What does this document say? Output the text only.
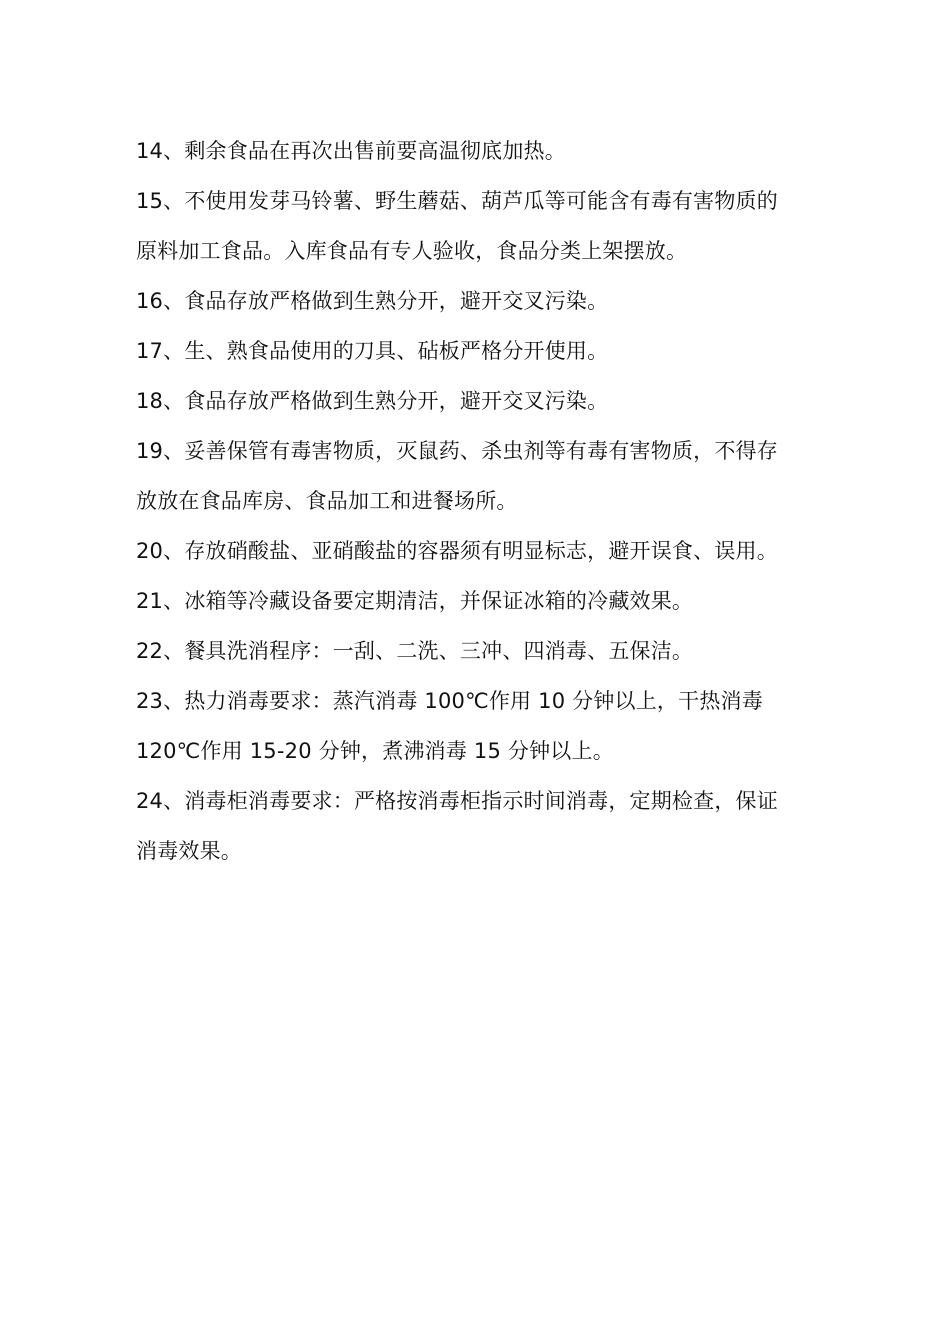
14、剩余食品在再次出售前要高温彻底加热。

15、不使用发芽马铃薯、野生蘑菇、葫芦瓜等可能含有毒有害物质的

原料加工食品。入库食品有专人验收，食品分类上架摆放。

16、食品存放严格做到生熟分开，避开交叉污染。

17、生、熟食品使用的刀具、砧板严格分开使用。

18、食品存放严格做到生熟分开，避开交叉污染。

19、妥善保管有毒害物质，灭鼠药、杀虫剂等有毒有害物质，不得存

放放在食品库房、食品加工和进餐场所。

20、存放硝酸盐、亚硝酸盐的容器须有明显标志，避开误食、误用。

21、冰箱等冷藏设备要定期清洁，并保证冰箱的冷藏效果。

22、餐具洗消程序：一刮、二洗、三冲、四消毒、五保洁。

23、热力消毒要求：蒸汽消毒 100℃作用 10 分钟以上，干热消毒

120℃作用 15-20 分钟，煮沸消毒 15 分钟以上。

24、消毒柜消毒要求：严格按消毒柜指示时间消毒，定期检查，保证

消毒效果。
